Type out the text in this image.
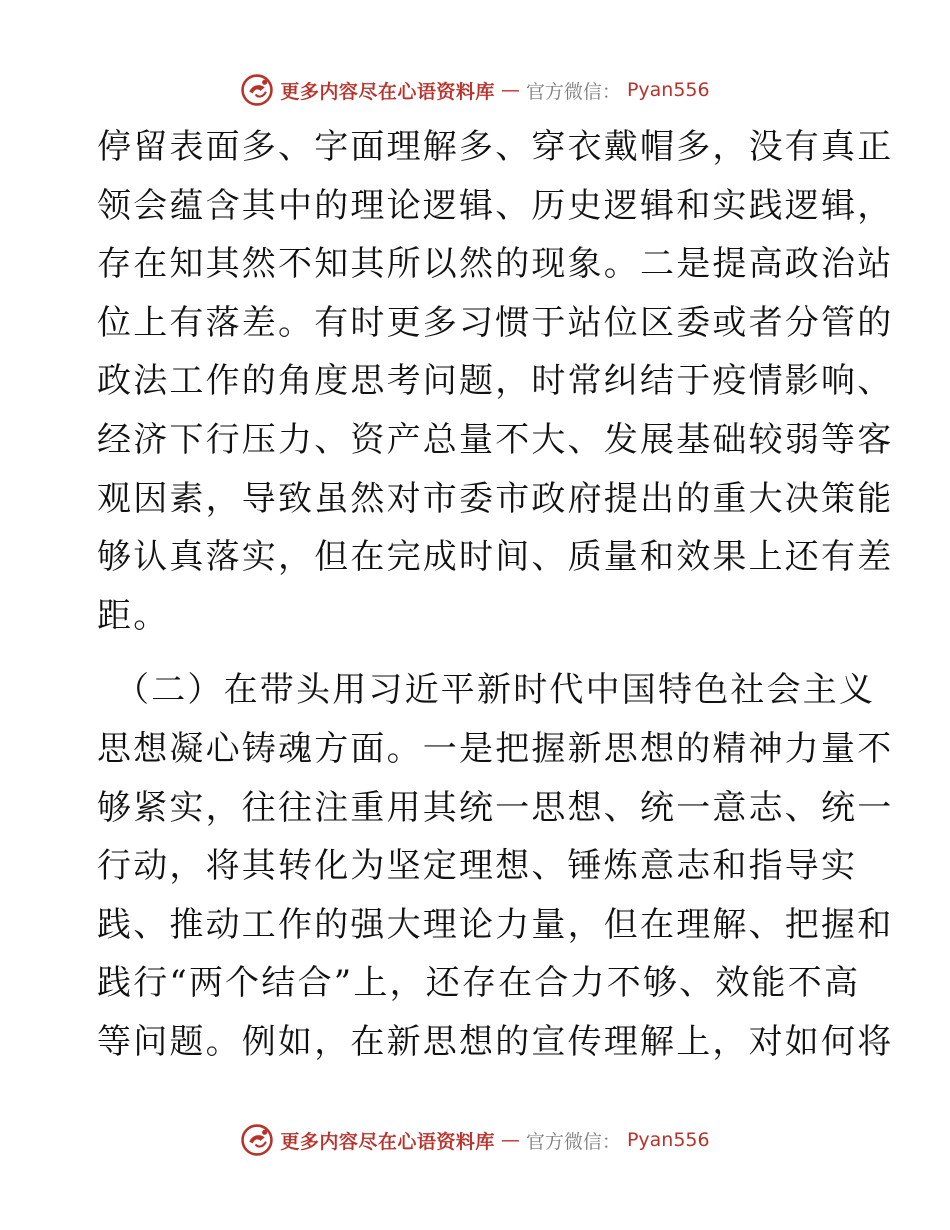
更多内容尽在心语资料库 — 官方微信： Pyan556
停留表面多、字面理解多、穿衣戴帽多，没有真正
领会蕴含其中的理论逻辑、历史逻辑和实践逻辑，
存在知其然不知其所以然的现象。二是提高政治站
位上有落差。有时更多习惯于站位区委或者分管的
政法工作的角度思考问题，时常纠结于疫情影响、
经济下行压力、资产总量不大、发展基础较弱等客
观因素，导致虽然对市委市政府提出的重大决策能
够认真落实，但在完成时间、质量和效果上还有差
距。
（二）在带头用习近平新时代中国特色社会主义
思想凝心铸魂方面。一是把握新思想的精神力量不
够紧实，往往注重用其统一思想、统一意志、统一
行动，将其转化为坚定理想、锤炼意志和指导实
践、推动工作的强大理论力量，但在理解、把握和
践行“两个结合”上，还存在合力不够、效能不高
等问题。例如，在新思想的宣传理解上，对如何将
更多内容尽在心语资料库 — 官方微信： Pyan556
